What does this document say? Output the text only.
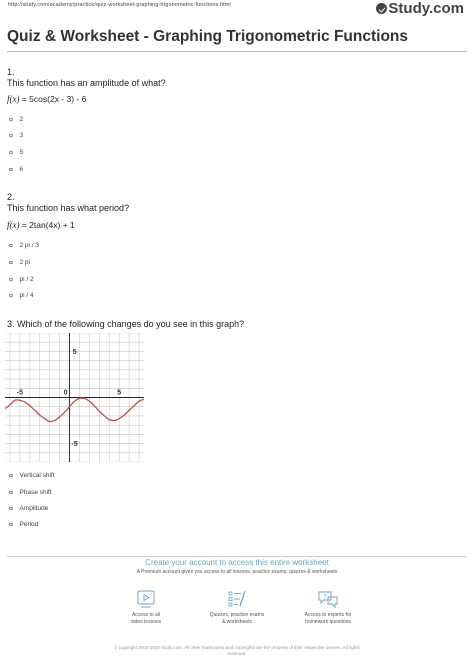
http://study.com/academy/practice/quiz-worksheet-graphing-trigonometric-functions.html	Study.com
Quiz & Worksheet - Graphing Trigonometric Functions
1.
This function has an amplitude of what?
f(x) = 5cos(2x - 3) - 6
2
3
5
6
2.
This function has what period?
f(x) = 2tan(4x) + 1
2 pi / 3
2 pi
pi / 2
pi / 4
3. Which of the following changes do you see in this graph?
-5	0	5
5
-5
Vertical shift
Phase shift
Amplitude
Period
Create your account to access this entire worksheet
A Premium account gives you access to all lessons, practice exams, quizzes & worksheets
Access to all
video lessons
Quizzes, practice exams
& worksheets
?
Access to experts for
homework questions
© copyright 2003-2020 Study.com. All other trademarks and copyrights are the property of their respective owners. All rights
reserved.
